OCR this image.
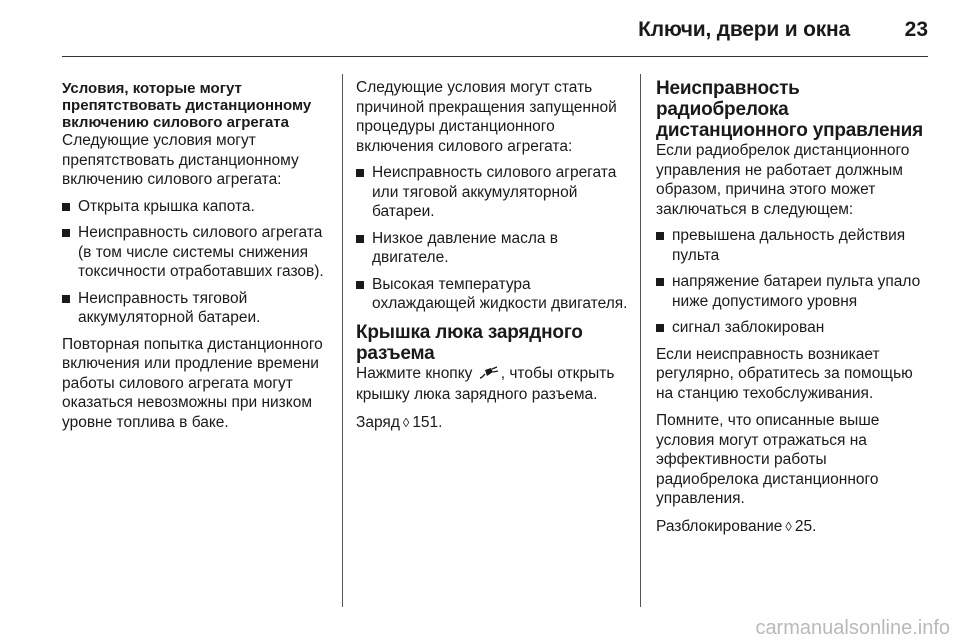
Ключи, двери и окна	23
Условия, которые могут препятствовать дистанционному включению силового агрегата
Следующие условия могут препятствовать дистанционному включению силового агрегата:
Открыта крышка капота.
Неисправность силового агрегата (в том числе системы снижения токсичности отработавших газов).
Неисправность тяговой аккумуляторной батареи.
Повторная попытка дистанционного включения или продление времени работы силового агрегата могут оказаться невозможны при низком уровне топлива в баке.
Следующие условия могут стать причиной прекращения запущенной процедуры дистанционного включения силового агрегата:
Неисправность силового агрегата или тяговой аккумуляторной батареи.
Низкое давление масла в двигателе.
Высокая температура охлаждающей жидкости двигателя.
Крышка люка зарядного разъема
Нажмите кнопку , чтобы открыть крышку люка зарядного разъема.
Заряд ◊ 151.
Неисправность радиобрелока дистанционного управления
Если радиобрелок дистанционного управления не работает должным образом, причина этого может заключаться в следующем:
превышена дальность действия пульта
напряжение батареи пульта упало ниже допустимого уровня
сигнал заблокирован
Если неисправность возникает регулярно, обратитесь за помощью на станцию техобслуживания.
Помните, что описанные выше условия могут отражаться на эффективности работы радиобрелока дистанционного управления.
Разблокирование ◊ 25.
carmanualsonline.info
